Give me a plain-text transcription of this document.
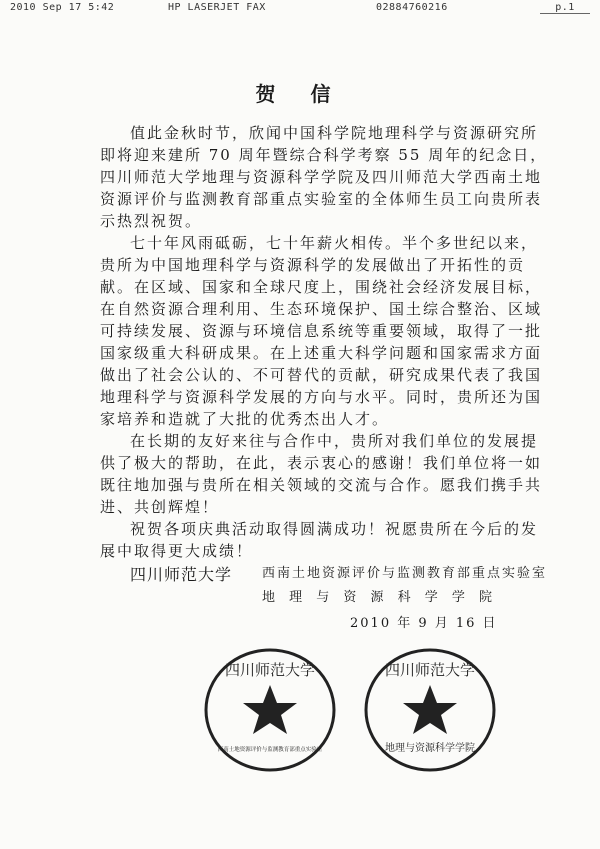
2010 Sep 17 5:42	HP LASERJET FAX	02884760216	p.1
贺 信

值此金秋时节，欣闻中国科学院地理科学与资源研究所即将迎来建所 70 周年暨综合科学考察 55 周年的纪念日，四川师范大学地理与资源科学学院及四川师范大学西南土地资源评价与监测教育部重点实验室的全体师生员工向贵所表示热烈祝贺。

七十年风雨砥砺，七十年薪火相传。半个多世纪以来，贵所为中国地理科学与资源科学的发展做出了开拓性的贡献。在区域、国家和全球尺度上，围绕社会经济发展目标，在自然资源合理利用、生态环境保护、国土综合整治、区域可持续发展、资源与环境信息系统等重要领域，取得了一批国家级重大科研成果。在上述重大科学问题和国家需求方面做出了社会公认的、不可替代的贡献，研究成果代表了我国地理科学与资源科学发展的方向与水平。同时，贵所还为国家培养和造就了大批的优秀杰出人才。

在长期的友好来往与合作中，贵所对我们单位的发展提供了极大的帮助，在此，表示衷心的感谢！我们单位将一如既往地加强与贵所在相关领域的交流与合作。愿我们携手共进、共创辉煌！

祝贺各项庆典活动取得圆满成功！祝愿贵所在今后的发展中取得更大成绩！

四川师范大学 西南土地资源评价与监测教育部重点实验室
地 理 与 资 源 科 学 学 院
2010 年 9 月 16 日
四川师范大学
西南土地资源评价与监测教育部重点实验室
四川师范大学
地理与资源科学学院
